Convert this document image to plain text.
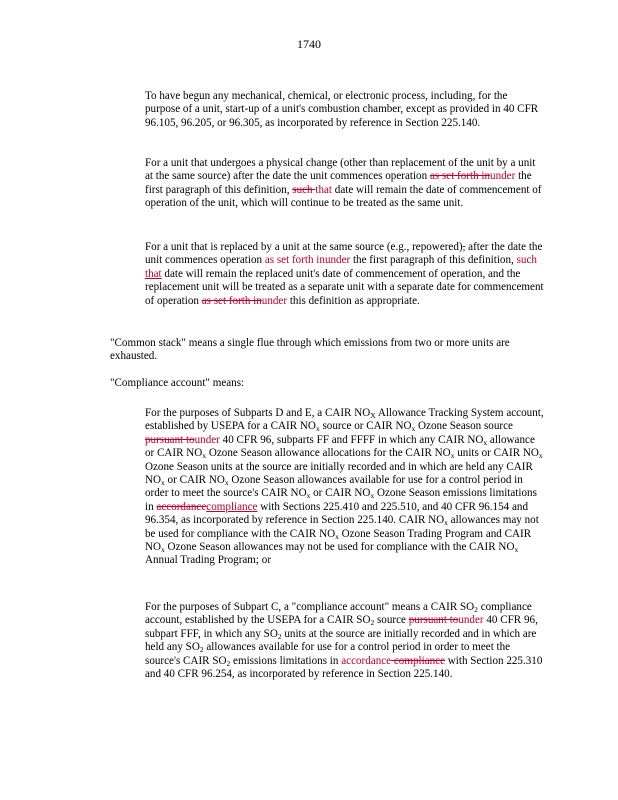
1740

To have begun any mechanical, chemical, or electronic process, including, for the purpose of a unit, start-up of a unit's combustion chamber, except as provided in 40 CFR 96.105, 96.205, or 96.305, as incorporated by reference in Section 225.140.

For a unit that undergoes a physical change (other than replacement of the unit by a unit at the same source) after the date the unit commences operation as set forth inunder the first paragraph of this definition, such that date will remain the date of commencement of operation of the unit, which will continue to be treated as the same unit.

For a unit that is replaced by a unit at the same source (e.g., repowered), after the date the unit commences operation as set forth inunder the first paragraph of this definition, such that date will remain the replaced unit's date of commencement of operation, and the replacement unit will be treated as a separate unit with a separate date for commencement of operation as set forth inunder this definition as appropriate.

"Common stack" means a single flue through which emissions from two or more units are exhausted.

"Compliance account" means:

For the purposes of Subparts D and E, a CAIR $NO_X$ Allowance Tracking System account, established by USEPA for a CAIR $NO_x$ source or CAIR $NO_x$ Ozone Season source pursuant tounder 40 CFR 96, subparts FF and FFFF in which any CAIR $NO_x$ allowance or CAIR $NO_x$ Ozone Season allowance allocations for the CAIR $NO_x$ units or CAIR $NO_x$ Ozone Season units at the source are initially recorded and in which are held any CAIR $NO_x$ or CAIR $NO_x$ Ozone Season allowances available for use for a control period in order to meet the source's CAIR $NO_x$ or CAIR $NO_x$ Ozone Season emissions limitations in accordancecompliance with Sections 225.410 and 225.510, and 40 CFR 96.154 and 96.354, as incorporated by reference in Section 225.140. CAIR $NO_x$ allowances may not be used for compliance with the CAIR $NO_x$ Ozone Season Trading Program and CAIR $NO_x$ Ozone Season allowances may not be used for compliance with the CAIR $NO_x$ Annual Trading Program; or

For the purposes of Subpart C, a "compliance account" means a CAIR $SO_2$ compliance account, established by the USEPA for a CAIR $SO_2$ source pursuant tounder 40 CFR 96, subpart FFF, in which any $SO_2$ units at the source are initially recorded and in which are held any $SO_2$ allowances available for use for a control period in order to meet the source's CAIR $SO_2$ emissions limitations in accordance compliance with Section 225.310 and 40 CFR 96.254, as incorporated by reference in Section 225.140.
